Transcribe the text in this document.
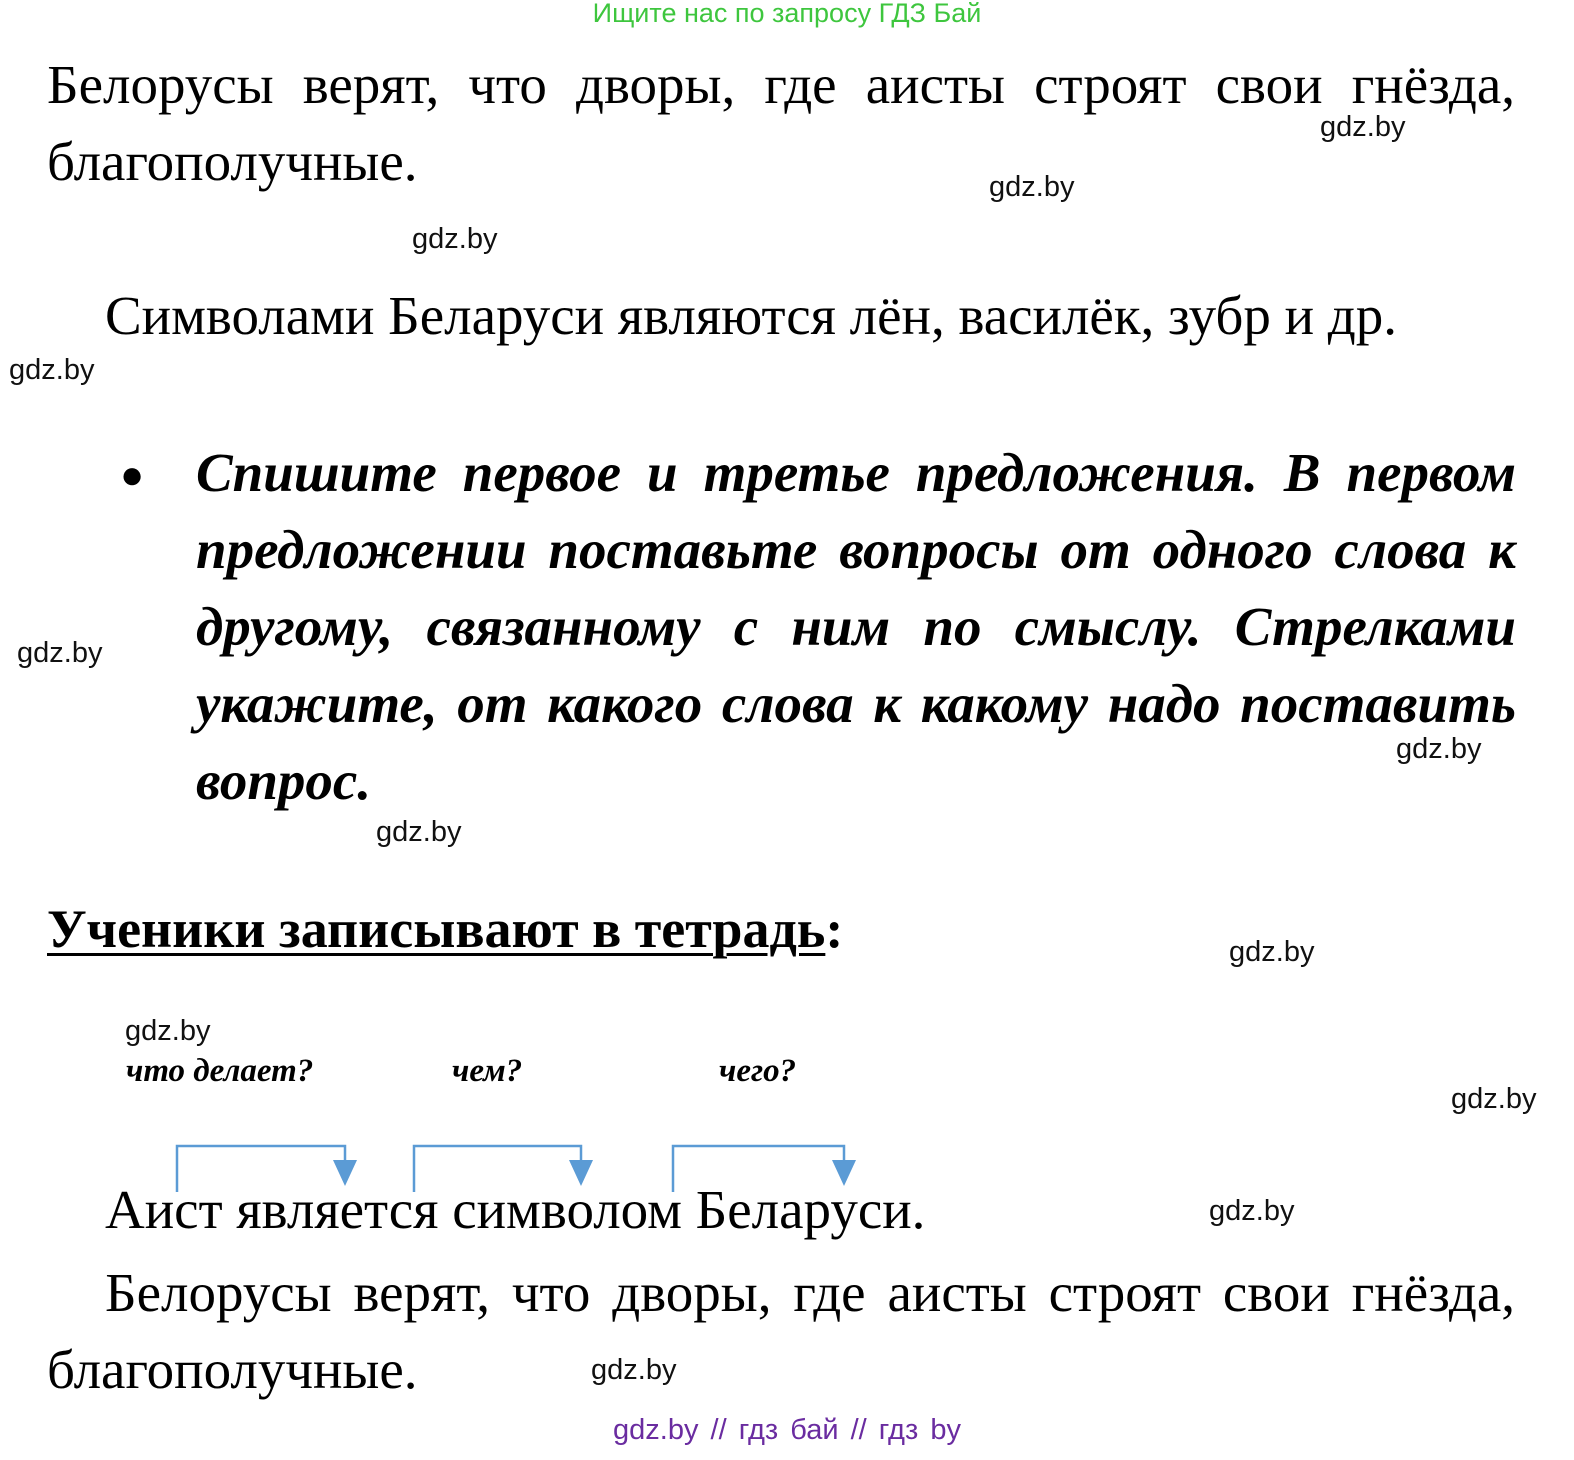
Ищите нас по запросу ГДЗ Бай
Белорусы верят, что дворы, где аисты строят свои гнёзда, благополучные.
Символами Беларуси являются лён, василёк, зубр и др.
● Спишите первое и третье предложения. В первом предложении поставьте вопросы от одного слова к другому, связанному с ним по смыслу. Стрелками укажите, от какого слова к какому надо поставить вопрос.
Ученики записывают в тетрадь:
что делает?	чем?	чего?
Аист является символом Беларуси.
Белорусы верят, что дворы, где аисты строят свои гнёзда, благополучные.
gdz.by
gdz.by
gdz.by
gdz.by
gdz.by
gdz.by
gdz.by
gdz.by
gdz.by
gdz.by
gdz.by
gdz.by
gdz.by // гдз бай // гдз by
